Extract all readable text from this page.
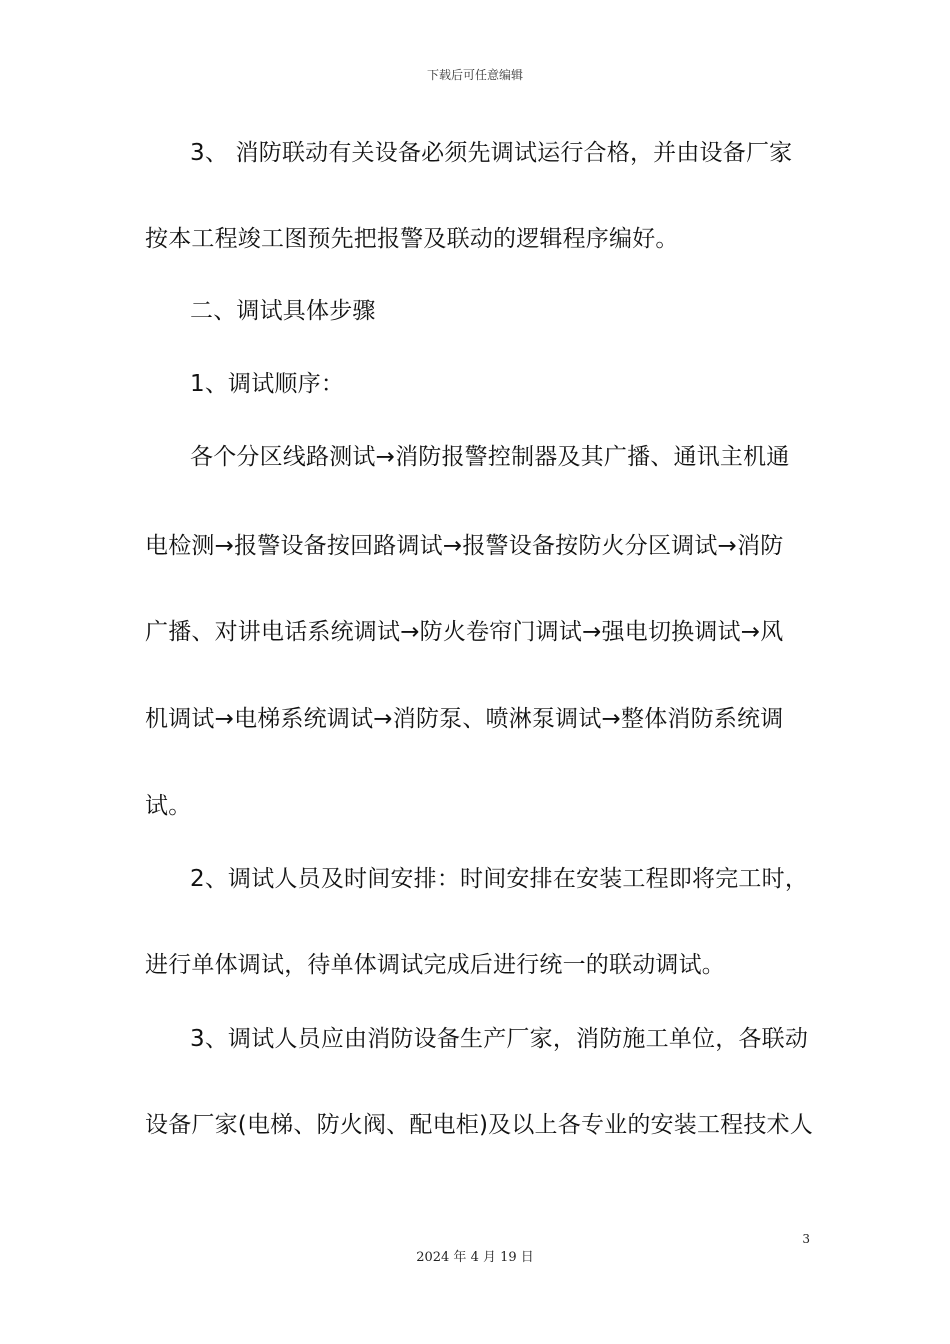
下载后可任意编辑
3、 消防联动有关设备必须先调试运行合格，并由设备厂家
按本工程竣工图预先把报警及联动的逻辑程序编好。
二、调试具体步骤
1、调试顺序：
各个分区线路测试→消防报警控制器及其广播、通讯主机通
电检测→报警设备按回路调试→报警设备按防火分区调试→消防
广播、对讲电话系统调试→防火卷帘门调试→强电切换调试→风
机调试→电梯系统调试→消防泵、喷淋泵调试→整体消防系统调
试。
2、调试人员及时间安排：时间安排在安装工程即将完工时，
进行单体调试，待单体调试完成后进行统一的联动调试。
3、调试人员应由消防设备生产厂家，消防施工单位，各联动
设备厂家(电梯、防火阀、配电柜)及以上各专业的安装工程技术人
3
2024 年 4 月 19 日
